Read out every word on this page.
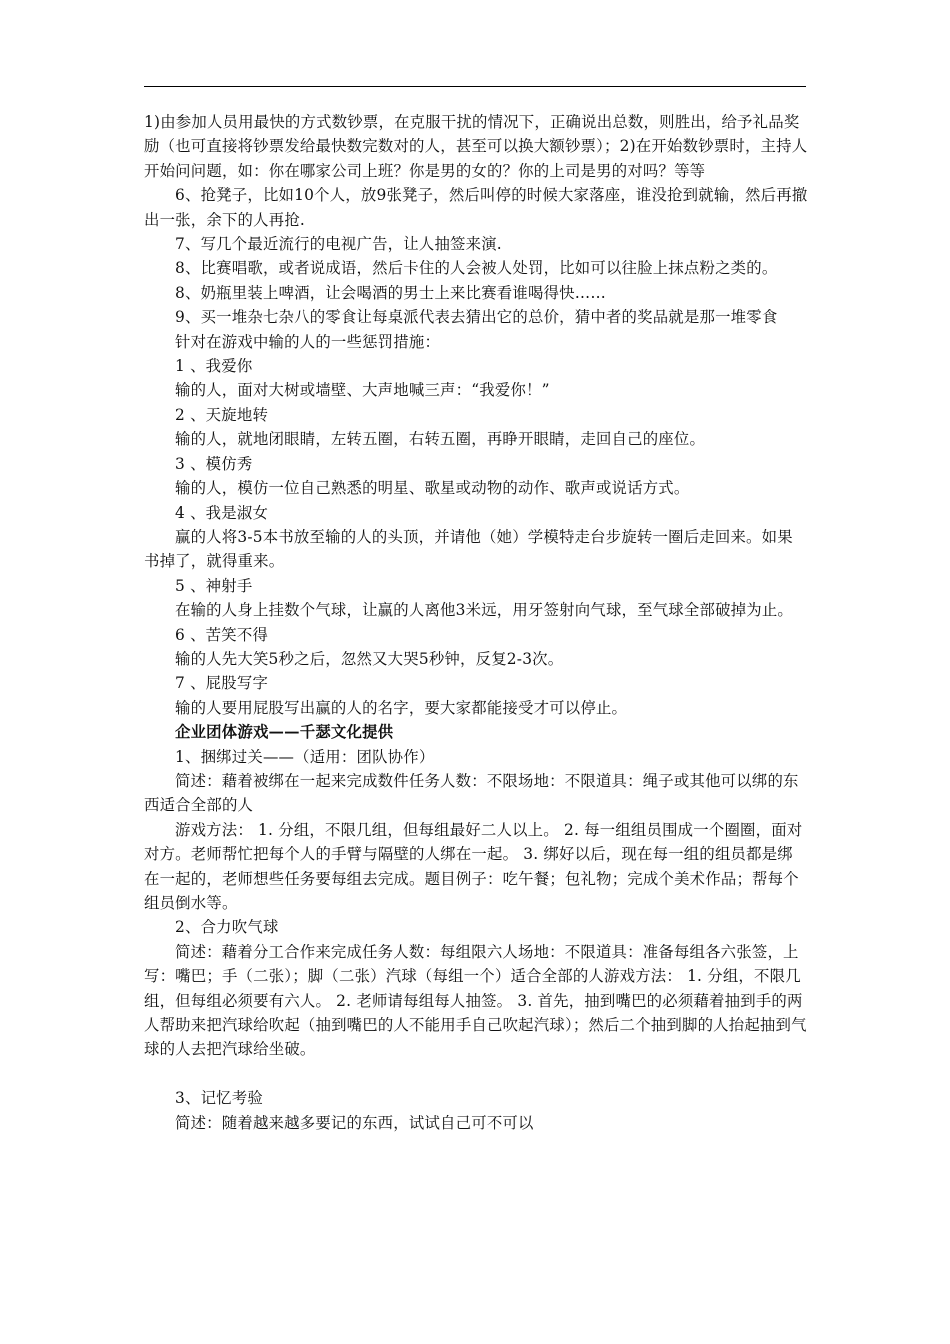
1)由参加人员用最快的方式数钞票，在克服干扰的情况下，正确说出总数，则胜出，给予礼品奖励（也可直接将钞票发给最快数完数对的人，甚至可以换大额钞票）；2)在开始数钞票时，主持人开始问问题，如：你在哪家公司上班？你是男的女的？你的上司是男的对吗？等等

6、抢凳子，比如10个人，放9张凳子，然后叫停的时候大家落座，谁没抢到就输，然后再撤出一张，余下的人再抢.

7、写几个最近流行的电视广告，让人抽签来演.

8、比赛唱歌，或者说成语，然后卡住的人会被人处罚，比如可以往脸上抹点粉之类的。

8、奶瓶里装上啤酒，让会喝酒的男士上来比赛看谁喝得快……

9、买一堆杂七杂八的零食让每桌派代表去猜出它的总价，猜中者的奖品就是那一堆零食

针对在游戏中输的人的一些惩罚措施：

1 、我爱你

输的人，面对大树或墙壁、大声地喊三声：“我爱你！”

2 、天旋地转

输的人，就地闭眼睛，左转五圈，右转五圈，再睁开眼睛，走回自己的座位。

3 、模仿秀

输的人，模仿一位自己熟悉的明星、歌星或动物的动作、歌声或说话方式。

4 、我是淑女

赢的人将3-5本书放至输的人的头顶，并请他（她）学模特走台步旋转一圈后走回来。如果书掉了，就得重来。

5 、神射手

在输的人身上挂数个气球，让赢的人离他3米远，用牙签射向气球，至气球全部破掉为止。

6 、苦笑不得

输的人先大笑5秒之后，忽然又大哭5秒钟，反复2-3次。

7 、屁股写字

输的人要用屁股写出赢的人的名字，要大家都能接受才可以停止。

企业团体游戏——千瑟文化提供

1、捆绑过关——（适用：团队协作）

简述：藉着被绑在一起来完成数件任务人数：不限场地：不限道具：绳子或其他可以绑的东西适合全部的人

游戏方法： 1. 分组，不限几组，但每组最好二人以上。 2. 每一组组员围成一个圈圈，面对对方。老师帮忙把每个人的手臂与隔壁的人绑在一起。 3. 绑好以后，现在每一组的组员都是绑在一起的，老师想些任务要每组去完成。题目例子：吃午餐；包礼物；完成个美术作品；帮每个组员倒水等。

2、合力吹气球

简述：藉着分工合作来完成任务人数：每组限六人场地：不限道具：准备每组各六张签，上写：嘴巴；手（二张）；脚（二张）汽球（每组一个）适合全部的人游戏方法： 1. 分组，不限几组，但每组必须要有六人。 2. 老师请每组每人抽签。 3. 首先，抽到嘴巴的必须藉着抽到手的两人帮助来把汽球给吹起（抽到嘴巴的人不能用手自己吹起汽球）；然后二个抽到脚的人抬起抽到气球的人去把汽球给坐破。

3、记忆考验

简述：随着越来越多要记的东西，试试自己可不可以
